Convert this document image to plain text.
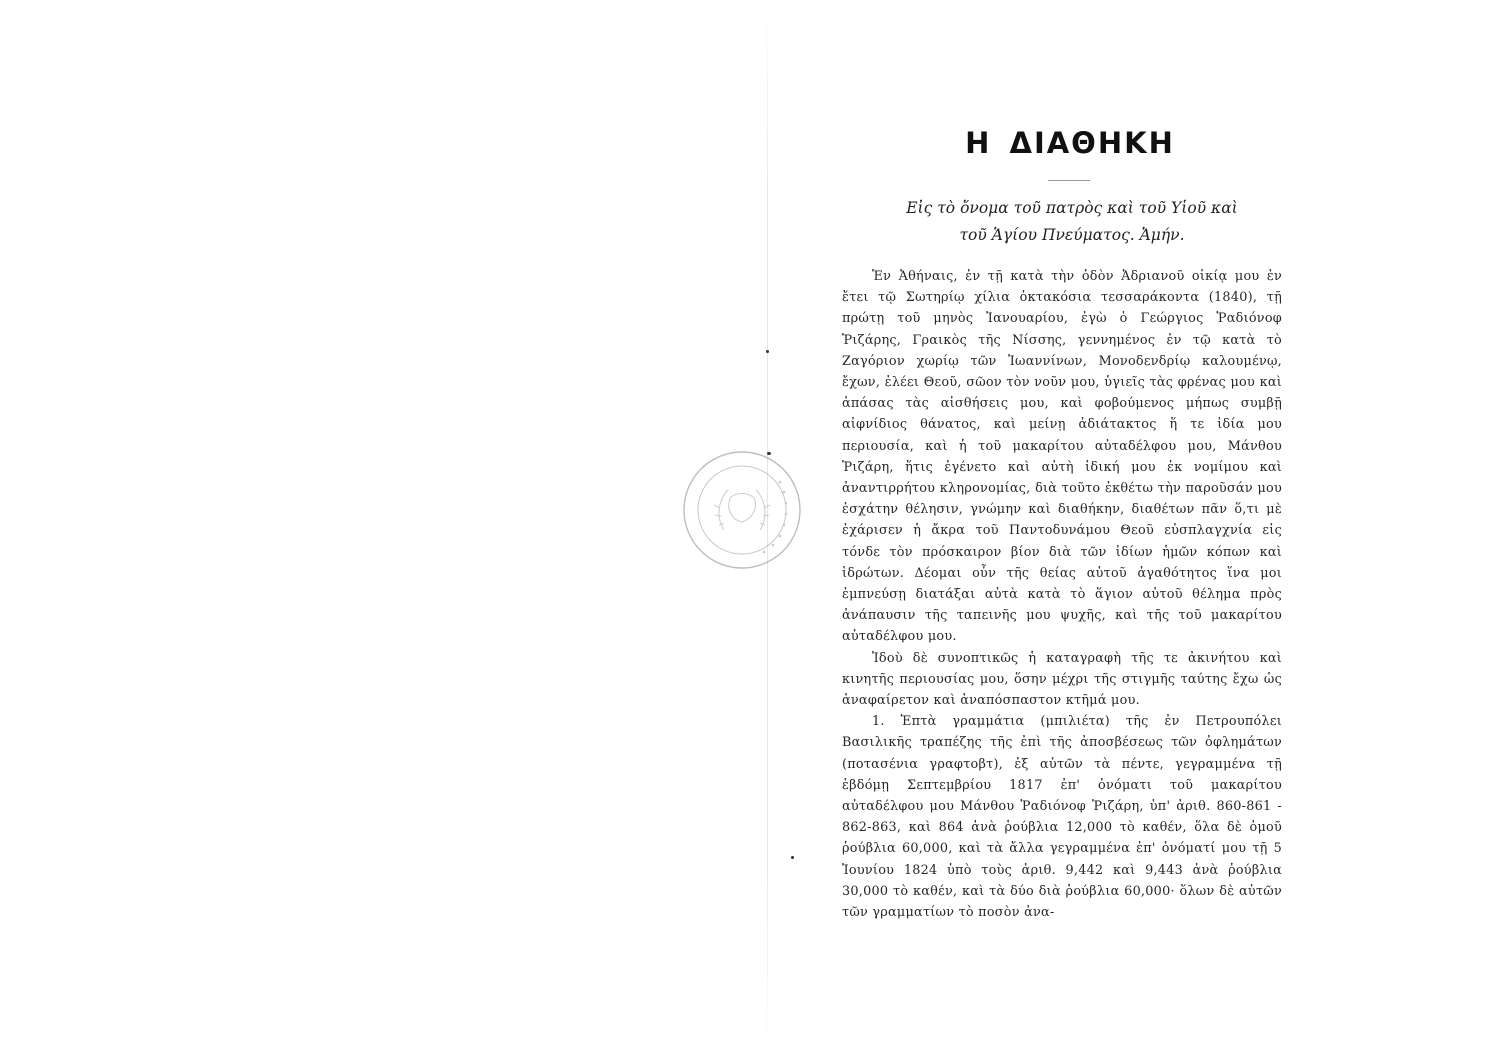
Η ΔΙΑΘΗΚΗ
Εἰς τὸ ὄνομα τοῦ πατρὸς καὶ τοῦ Υἱοῦ καὶ
τοῦ Ἁγίου Πνεύματος. Ἀμήν.

Ἐν Ἀθήναις, ἐν τῇ κατὰ τὴν ὁδὸν Ἀδριανοῦ οἰκίᾳ μου ἐν ἔτει τῷ Σωτηρίῳ χίλια ὀκτακόσια τεσσαράκοντα (1840), τῇ πρώτῃ τοῦ μηνὸς Ἰανουαρίου, ἐγὼ ὁ Γεώργιος Ῥαδιόνοφ Ῥιζάρης, Γραικὸς τῆς Νίσσης, γεννημένος ἐν τῷ κατὰ τὸ Ζαγόριον χωρίῳ τῶν Ἰωαννίνων, Μονοδενδρίῳ καλουμένῳ, ἔχων, ἐλέει Θεοῦ, σῶον τὸν νοῦν μου, ὑγιεῖς τὰς φρένας μου καὶ ἁπάσας τὰς αἰσθήσεις μου, καὶ φοβούμενος μήπως συμβῇ αἰφνίδιος θάνατος, καὶ μείνῃ ἀδιάτακτος ἥ τε ἰδία μου περιουσία, καὶ ἡ τοῦ μακαρίτου αὐταδέλφου μου, Μάνθου Ῥιζάρη, ἥτις ἐγένετο καὶ αὐτὴ ἰδική μου ἐκ νομίμου καὶ ἀναντιρρήτου κληρονομίας, διὰ τοῦτο ἐκθέτω τὴν παροῦσάν μου ἐσχάτην θέλησιν, γνώμην καὶ διαθήκην, διαθέτων πᾶν ὅ,τι μὲ ἐχάρισεν ἡ ἄκρα τοῦ Παντοδυνάμου Θεοῦ εὐσπλαγχνία εἰς τόνδε τὸν πρόσκαιρον βίον διὰ τῶν ἰδίων ἡμῶν κόπων καὶ ἱδρώτων. Δέομαι οὖν τῆς θείας αὐτοῦ ἀγαθότητος ἵνα μοι ἐμπνεύσῃ διατάξαι αὐτὰ κατὰ τὸ ἅγιον αὐτοῦ θέλημα πρὸς ἀνάπαυσιν τῆς ταπεινῆς μου ψυχῆς, καὶ τῆς τοῦ μακαρίτου αὐταδέλφου μου.

Ἰδοὺ δὲ συνοπτικῶς ἡ καταγραφὴ τῆς τε ἀκινήτου καὶ κινητῆς περιουσίας μου, ὅσην μέχρι τῆς στιγμῆς ταύτης ἔχω ὡς ἀναφαίρετον καὶ ἀναπόσπαστον κτῆμά μου.

1. Ἑπτὰ γραμμάτια (μπιλιέτα) τῆς ἐν Πετρουπόλει Βασιλικῆς τραπέζης τῆς ἐπὶ τῆς ἀποσβέσεως τῶν ὀφλημάτων (ποτασένια γραφτοβτ), ἐξ αὐτῶν τὰ πέντε, γεγραμμένα τῇ ἑβδόμῃ Σεπτεμβρίου 1817 ἐπ' ὀνόματι τοῦ μακαρίτου αὐταδέλφου μου Μάνθου Ῥαδιόνοφ Ῥιζάρη, ὑπ' ἀριθ. 860-861 - 862-863, καὶ 864 ἀνὰ ῥούβλια 12,000 τὸ καθέν, ὅλα δὲ ὁμοῦ ῥούβλια 60,000, καὶ τὰ ἄλλα γεγραμμένα ἐπ' ὀνόματί μου τῇ 5 Ἰουνίου 1824 ὑπὸ τοὺς ἀριθ. 9,442 καὶ 9,443 ἀνὰ ῥούβλια 30,000 τὸ καθέν, καὶ τὰ δύο διὰ ῥούβλια 60,000· ὅλων δὲ αὐτῶν τῶν γραμματίων τὸ ποσὸν ἀνα-
